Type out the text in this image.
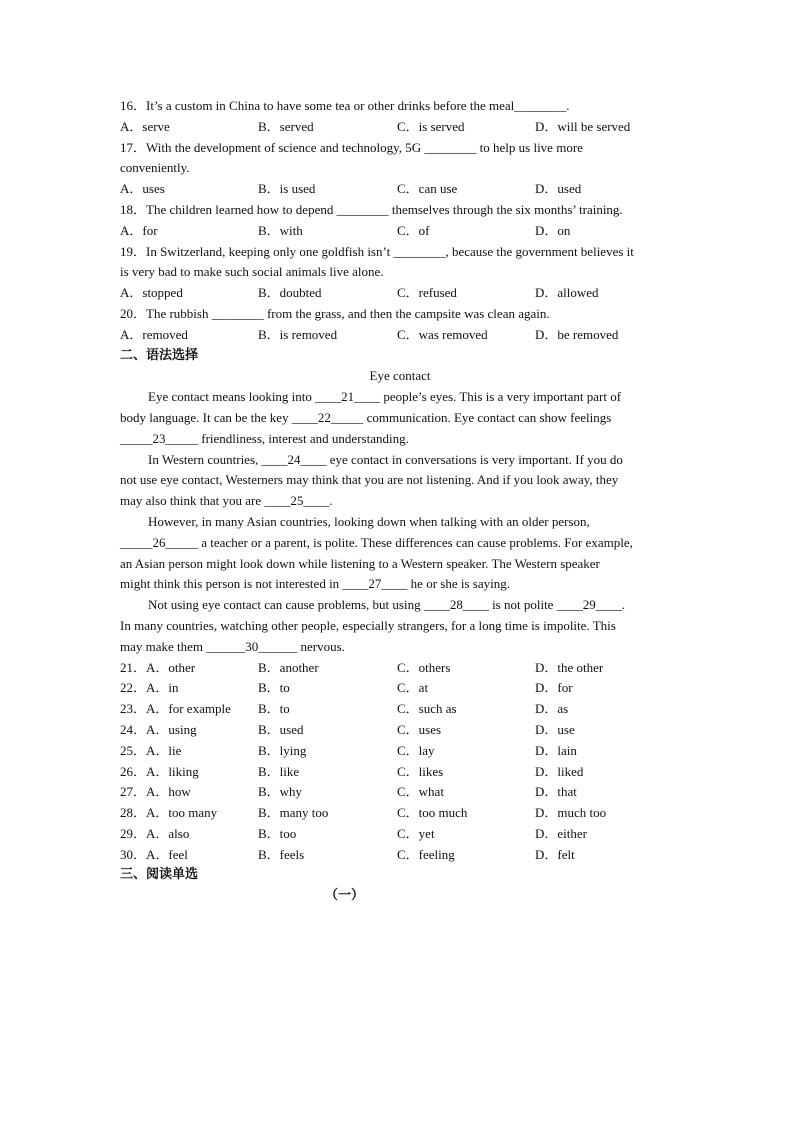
16．It’s a custom in China to have some tea or other drinks before the meal________.
A．serve	B．served	C．is served	D．will be served
17．With the development of science and technology, 5G ________ to help us live more
conveniently.
A．uses	B．is used	C．can use	D．used
18．The children learned how to depend ________ themselves through the six months’ training.
A．for	B．with	C．of	D．on
19．In Switzerland, keeping only one goldfish isn’t ________, because the government believes it
is very bad to make such social animals live alone.
A．stopped	B．doubted	C．refused	D．allowed
20．The rubbish ________ from the grass, and then the campsite was clean again.
A．removed	B．is removed	C．was removed	D．be removed
二、语法选择
Eye contact
Eye contact means looking into ____21____ people’s eyes. This is a very important part of
body language. It can be the key ____22_____ communication. Eye contact can show feelings
_____23_____ friendliness, interest and understanding.
In Western countries, ____24____ eye contact in conversations is very important. If you do
not use eye contact, Westerners may think that you are not listening. And if you look away, they
may also think that you are ____25____.
However, in many Asian countries, looking down when talking with an older person,
_____26_____ a teacher or a parent, is polite. These differences can cause problems. For example,
an Asian person might look down while listening to a Western speaker. The Western speaker
might think this person is not interested in ____27____ he or she is saying.
Not using eye contact can cause problems, but using ____28____ is not polite ____29____.
In many countries, watching other people, especially strangers, for a long time is impolite. This
may make them ______30______ nervous.
21．A．other	B．another	C．others	D．the other
22．A．in	B．to	C．at	D．for
23．A．for example B．to	C．such as	D．as
24．A．using	B．used	C．uses	D．use
25．A．lie	B．lying	C．lay	D．lain
26．A．liking	B．like	C．likes	D．liked
27．A．how	B．why	C．what	D．that
28．A．too many	B．many too	C．too much	D．much too
29．A．also	B．too	C．yet	D．either
30．A．feel	B．feels	C．feeling	D．felt
三、阅读单选
（一）
